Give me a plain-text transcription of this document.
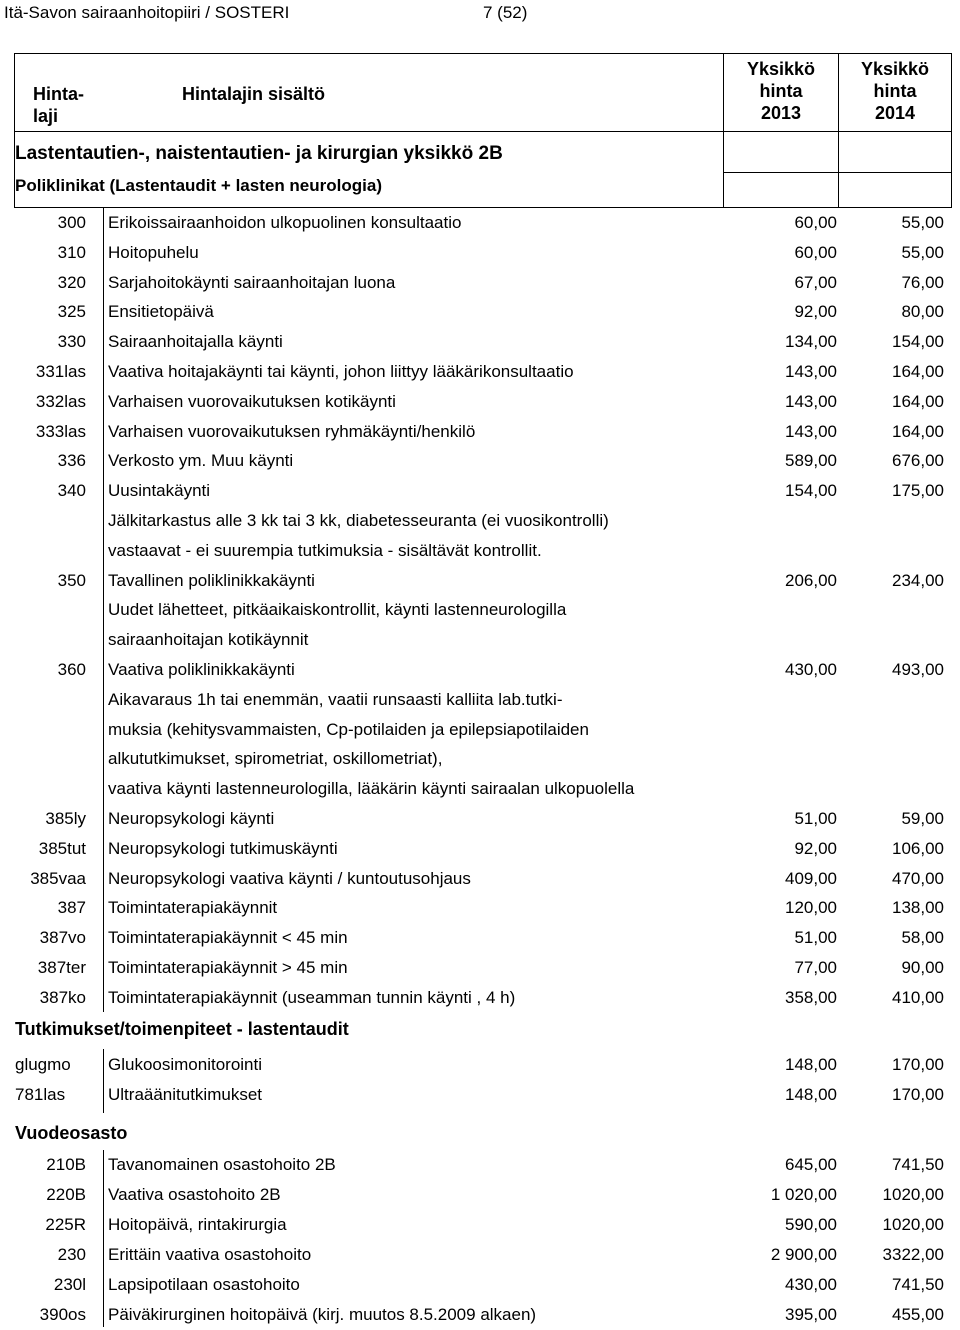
Itä-Savon sairaanhoitopiiri / SOSTERI	7 (52)
Hinta-
laji
Hintalajin sisältö
Yksikkö
hinta
2013
Yksikkö
hinta
2014
Lastentautien-, naistentautien- ja kirurgian yksikkö 2B
Poliklinikat (Lastentaudit + lasten neurologia)
Tutkimukset/toimenpiteet - lastentaudit
Vuodeosasto
300 Erikoissairaanhoidon ulkopuolinen konsultaatio	60,00	55,00
310 Hoitopuhelu	60,00	55,00
320 Sarjahoitokäynti sairaanhoitajan luona	67,00	76,00
325 Ensitietopäivä	92,00	80,00
330 Sairaanhoitajalla käynti	134,00	154,00
331las Vaativa hoitajakäynti tai käynti, johon liittyy lääkärikonsultaatio	143,00	164,00
332las Varhaisen vuorovaikutuksen kotikäynti	143,00	164,00
333las Varhaisen vuorovaikutuksen ryhmäkäynti/henkilö	143,00	164,00
336 Verkosto ym. Muu käynti	589,00	676,00
340 Uusintakäynti	154,00	175,00
Jälkitarkastus alle 3 kk tai 3 kk, diabetesseuranta (ei vuosikontrolli)
vastaavat - ei suurempia tutkimuksia - sisältävät kontrollit.
350 Tavallinen poliklinikkakäynti	206,00	234,00
Uudet lähetteet, pitkäaikaiskontrollit, käynti lastenneurologilla
sairaanhoitajan kotikäynnit
360 Vaativa poliklinikkakäynti	430,00	493,00
Aikavaraus 1h tai enemmän, vaatii runsaasti kalliita lab.tutki-
muksia (kehitysvammaisten, Cp-potilaiden ja epilepsiapotilaiden
alkututkimukset, spirometriat, oskillometriat),
vaativa käynti lastenneurologilla, lääkärin käynti sairaalan ulkopuolella
385ly Neuropsykologi käynti	51,00	59,00
385tut Neuropsykologi tutkimuskäynti	92,00	106,00
385vaa Neuropsykologi vaativa käynti / kuntoutusohjaus	409,00	470,00
387 Toimintaterapiakäynnit	120,00	138,00
387vo Toimintaterapiakäynnit < 45 min	51,00	58,00
387ter Toimintaterapiakäynnit > 45 min	77,00	90,00
387ko Toimintaterapiakäynnit (useamman tunnin käynti , 4 h)	358,00	410,00
glugmo Glukoosimonitorointi	148,00	170,00
781las	Ultraäänitutkimukset	148,00	170,00
210B Tavanomainen osastohoito 2B	645,00	741,50
220B Vaativa osastohoito 2B	1 020,00	1020,00
225R Hoitopäivä, rintakirurgia	590,00	1020,00
230 Erittäin vaativa osastohoito	2 900,00	3322,00
230l Lapsipotilaan osastohoito	430,00	741,50
390os Päiväkirurginen hoitopäivä (kirj. muutos 8.5.2009 alkaen)	395,00	455,00
